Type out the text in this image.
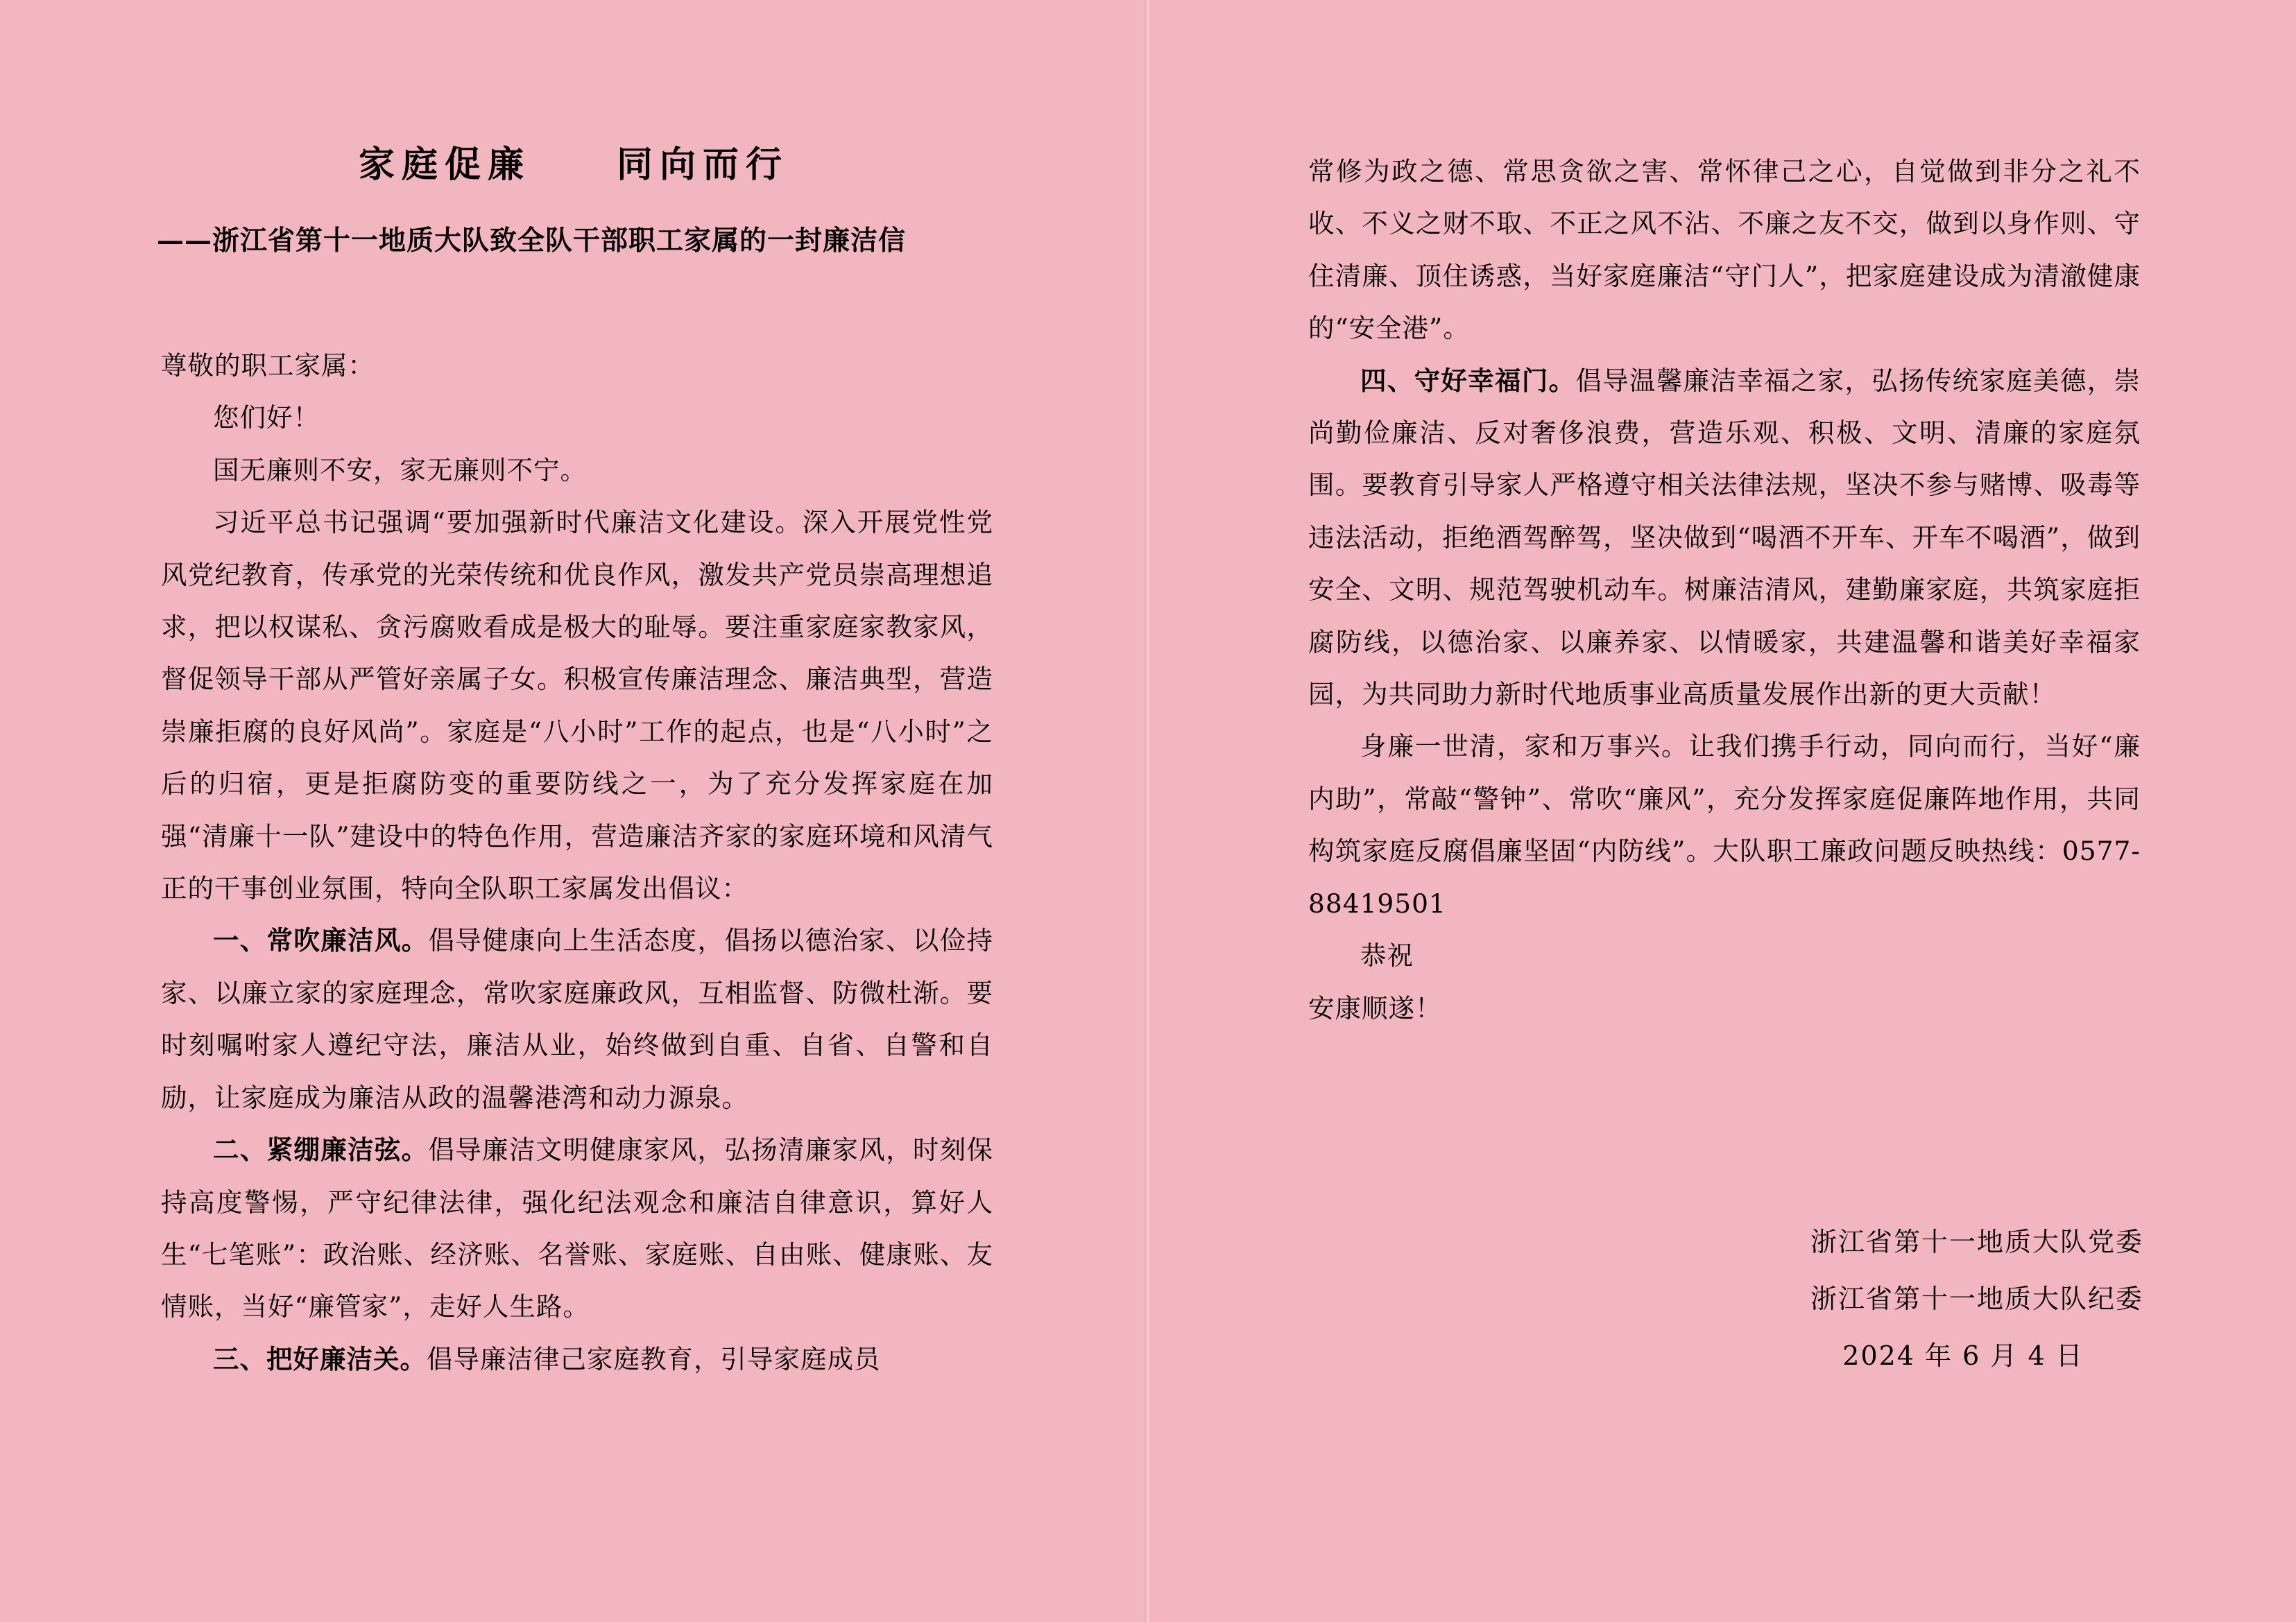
家庭促廉　　同向而行
——浙江省第十一地质大队致全队干部职工家属的一封廉洁信

尊敬的职工家属：

您们好！

国无廉则不安，家无廉则不宁。

习近平总书记强调“要加强新时代廉洁文化建设。深入开展党性党风党纪教育，传承党的光荣传统和优良作风，激发共产党员崇高理想追求，把以权谋私、贪污腐败看成是极大的耻辱。要注重家庭家教家风，督促领导干部从严管好亲属子女。积极宣传廉洁理念、廉洁典型，营造崇廉拒腐的良好风尚”。家庭是“八小时”工作的起点，也是“八小时”之后的归宿，更是拒腐防变的重要防线之一，为了充分发挥家庭在加强“清廉十一队”建设中的特色作用，营造廉洁齐家的家庭环境和风清气正的干事创业氛围，特向全队职工家属发出倡议：

一、常吹廉洁风。倡导健康向上生活态度，倡扬以德治家、以俭持家、以廉立家的家庭理念，常吹家庭廉政风，互相监督、防微杜渐。要时刻嘱咐家人遵纪守法，廉洁从业，始终做到自重、自省、自警和自励，让家庭成为廉洁从政的温馨港湾和动力源泉。

二、紧绷廉洁弦。倡导廉洁文明健康家风，弘扬清廉家风，时刻保持高度警惕，严守纪律法律，强化纪法观念和廉洁自律意识，算好人生“七笔账”：政治账、经济账、名誉账、家庭账、自由账、健康账、友情账，当好“廉管家”，走好人生路。

三、把好廉洁关。倡导廉洁律己家庭教育，引导家庭成员

常修为政之德、常思贪欲之害、常怀律己之心，自觉做到非分之礼不收、不义之财不取、不正之风不沾、不廉之友不交，做到以身作则、守住清廉、顶住诱惑，当好家庭廉洁“守门人”，把家庭建设成为清澈健康的“安全港”。

四、守好幸福门。倡导温馨廉洁幸福之家，弘扬传统家庭美德，崇尚勤俭廉洁、反对奢侈浪费，营造乐观、积极、文明、清廉的家庭氛围。要教育引导家人严格遵守相关法律法规，坚决不参与赌博、吸毒等违法活动，拒绝酒驾醉驾，坚决做到“喝酒不开车、开车不喝酒”，做到安全、文明、规范驾驶机动车。树廉洁清风，建勤廉家庭，共筑家庭拒腐防线，以德治家、以廉养家、以情暖家，共建温馨和谐美好幸福家园，为共同助力新时代地质事业高质量发展作出新的更大贡献！

身廉一世清，家和万事兴。让我们携手行动，同向而行，当好“廉内助”，常敲“警钟”、常吹“廉风”，充分发挥家庭促廉阵地作用，共同构筑家庭反腐倡廉坚固“内防线”。大队职工廉政问题反映热线：0577-88419501

恭祝

安康顺遂！

浙江省第十一地质大队党委
浙江省第十一地质大队纪委
2024 年 6 月 4 日
